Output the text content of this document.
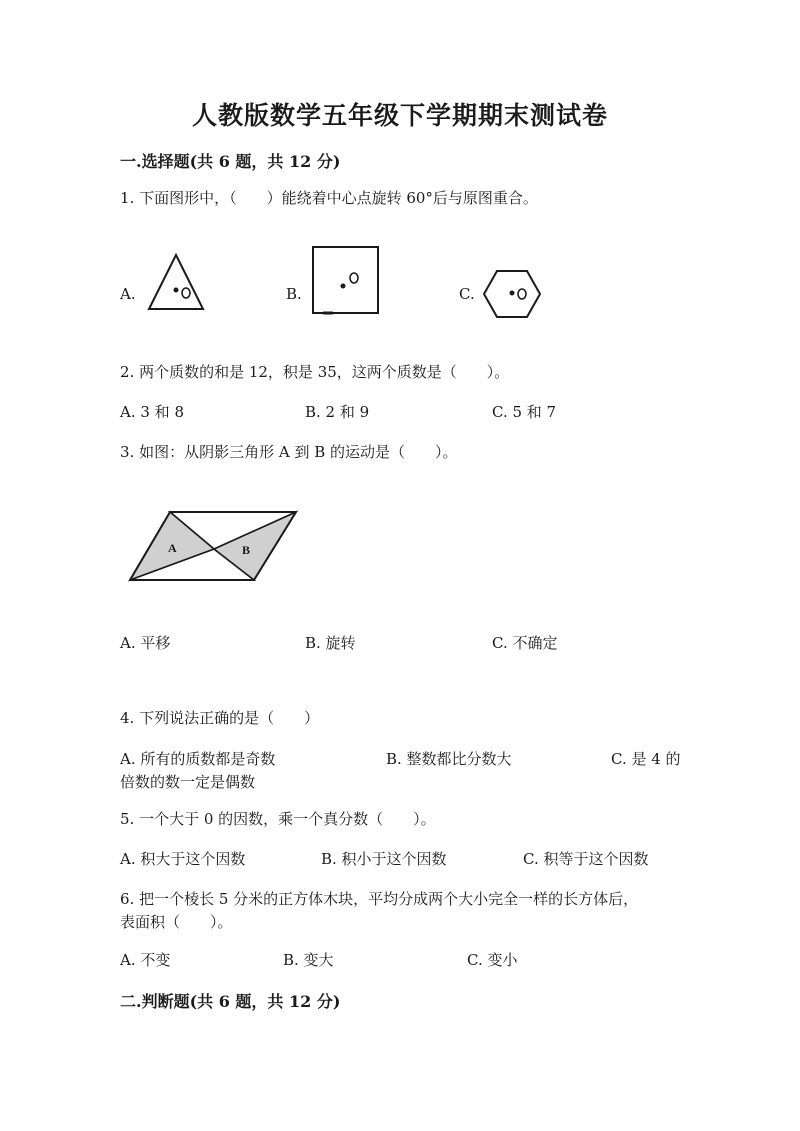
人教版数学五年级下学期期末测试卷
一.选择题(共 6 题，共 12 分)
1. 下面图形中，（　　）能绕着中心点旋转 60°后与原图重合。
A.	B.	C.
2. 两个质数的和是 12，积是 35，这两个质数是（　　）。
A. 3 和 8	B. 2 和 9	C. 5 和 7
3. 如图：从阴影三角形 A 到 B 的运动是（　　）。
A	B
A. 平移	B. 旋转	C. 不确定
4. 下列说法正确的是（　　）
A. 所有的质数都是奇数	B. 整数都比分数大	C. 是 4 的
倍数的数一定是偶数
5. 一个大于 0 的因数，乘一个真分数（　　）。
A. 积大于这个因数	B. 积小于这个因数	C. 积等于这个因数
6. 把一个棱长 5 分米的正方体木块，平均分成两个大小完全一样的长方体后，
表面积（　　）。
A. 不变	B. 变大	C. 变小
二.判断题(共 6 题，共 12 分)
